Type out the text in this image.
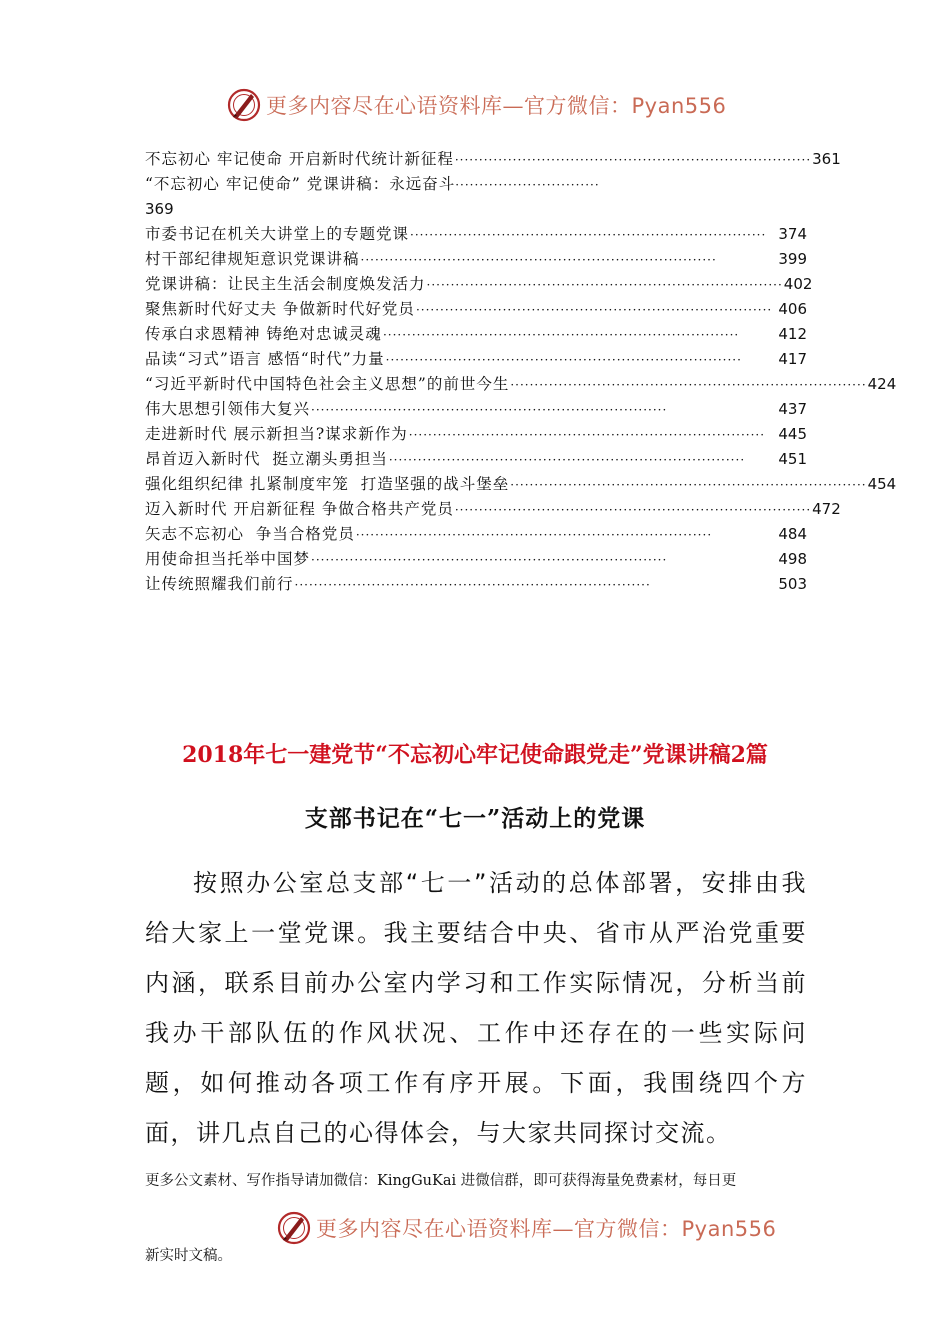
更多内容尽在心语资料库—官方微信：Pyan556
不忘初心 牢记使命 开启新时代统计新征程 ·········································································· 361
“不忘初心 牢记使命” 党课讲稿：永远奋斗······························
369
市委书记在机关大讲堂上的专题党课 ·········································································· 374
村干部纪律规矩意识党课讲稿 ··········································································	399
党课讲稿：让民主生活会制度焕发活力 ·········································································· 402
聚焦新时代好丈夫 争做新时代好党员 ·········································································· 406
传承白求恩精神 铸绝对忠诚灵魂 ··········································································	412
品读“习式”语言 感悟“时代”力量 ··········································································	417
“习近平新时代中国特色社会主义思想”的前世今生 ·········································································· 424
伟大思想引领伟大复兴 ··········································································	437
走进新时代 展示新担当?谋求新作为 ·········································································· 445
昂首迈入新时代  挺立潮头勇担当 ··········································································	451
强化组织纪律 扎紧制度牢笼  打造坚强的战斗堡垒 ·········································································· 454
迈入新时代 开启新征程 争做合格共产党员 ·········································································· 472
矢志不忘初心  争当合格党员 ··········································································	484
用使命担当托举中国梦 ··········································································	498
让传统照耀我们前行 ··········································································	503
2018年七一建党节“不忘初心牢记使命跟党走”党课讲稿2篇
支部书记在“七一”活动上的党课

按照办公室总支部“七一”活动的总体部署，安排由我给大家上一堂党课。我主要结合中央、省市从严治党重要内涵，联系目前办公室内学习和工作实际情况，分析当前我办干部队伍的作风状况、工作中还存在的一些实际问题，如何推动各项工作有序开展。下面，我围绕四个方面，讲几点自己的心得体会，与大家共同探讨交流。

更多公文素材、写作指导请加微信：KingGuKai 进微信群，即可获得海量免费素材，每日更
更多内容尽在心语资料库—官方微信：Pyan556
新实时文稿。
